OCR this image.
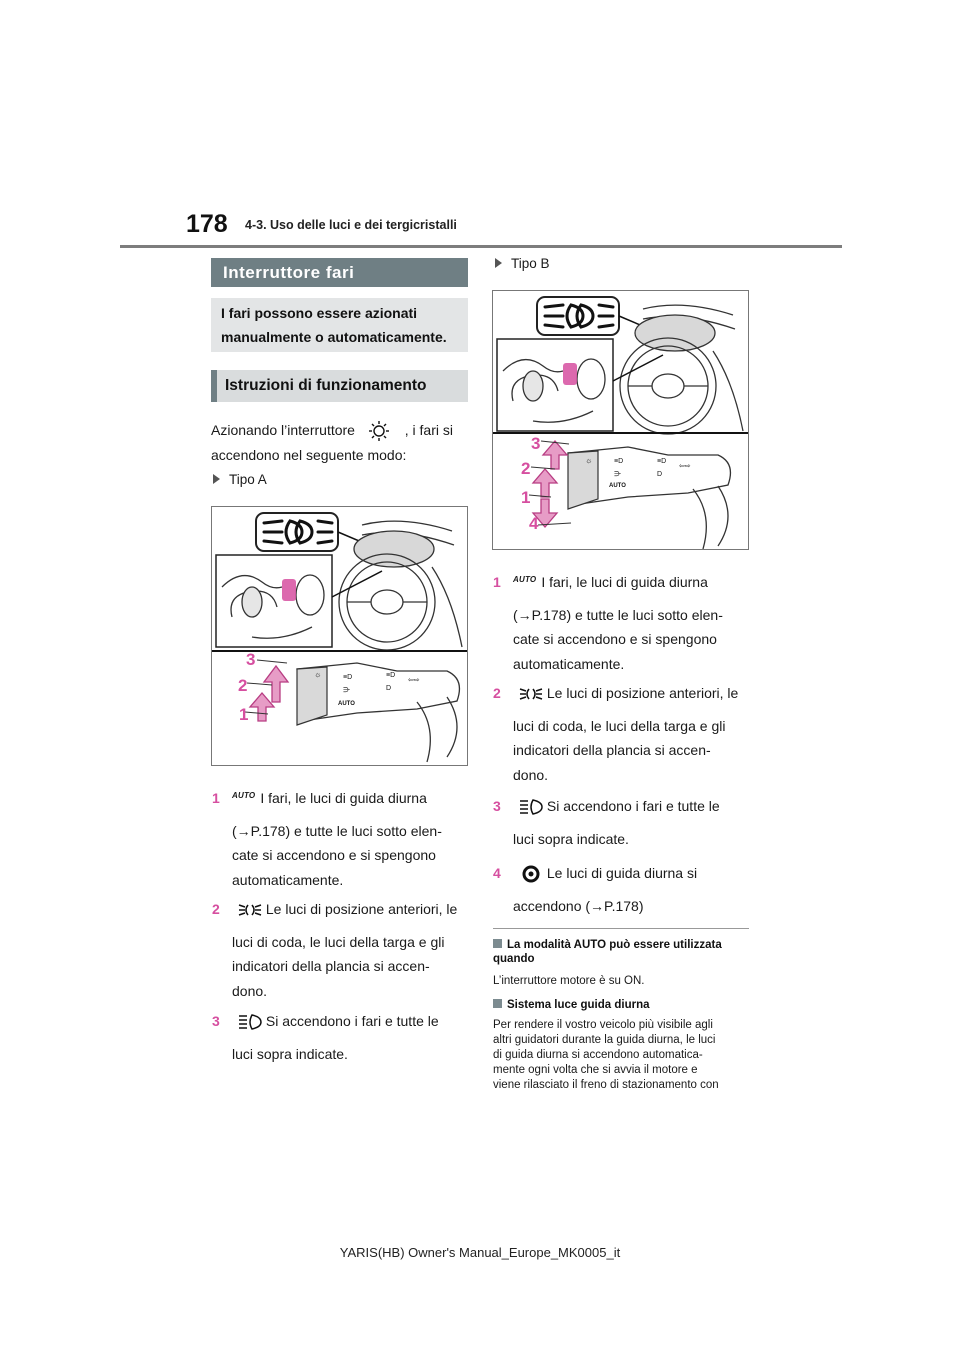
178 4-3. Uso delle luci e dei tergicristalli
Interruttore fari
I fari possono essere azionati manualmente o automaticamente.
Istruzioni di funzionamento
Azionando l’interruttore	, i fari si
accendono nel seguente modo:
Tipo A
☼	≡D
⋺
AUTO
≡D
D
⇦⇨
3
2
1
1 $^{AUTO}$ I fari, le luci di guida diurna
(→P.178) e tutte le luci sotto elen-
cate si accendono e si spengono
automaticamente.
2	Le luci di posizione anteriori, le
luci di coda, le luci della targa e gli
indicatori della plancia si accen-
dono.
3	Si accendono i fari e tutte le
luci sopra indicate.
Tipo B
☼	≡D
⋺
AUTO
≡D
D
⇦⇨
3
2
1
4
1 $^{AUTO}$ I fari, le luci di guida diurna
(→P.178) e tutte le luci sotto elen-
cate si accendono e si spengono
automaticamente.
2	Le luci di posizione anteriori, le
luci di coda, le luci della targa e gli
indicatori della plancia si accen-
dono.
3	Si accendono i fari e tutte le
luci sopra indicate.
4	Le luci di guida diurna si
accendono (→P.178)
La modalità AUTO può essere utilizzata quando
L’interruttore motore è su ON.
Sistema luce guida diurna
Per rendere il vostro veicolo più visibile agli
altri guidatori durante la guida diurna, le luci
di guida diurna si accendono automatica-
mente ogni volta che si avvia il motore e
viene rilasciato il freno di stazionamento con
YARIS(HB) Owner's Manual_Europe_MK0005_it
